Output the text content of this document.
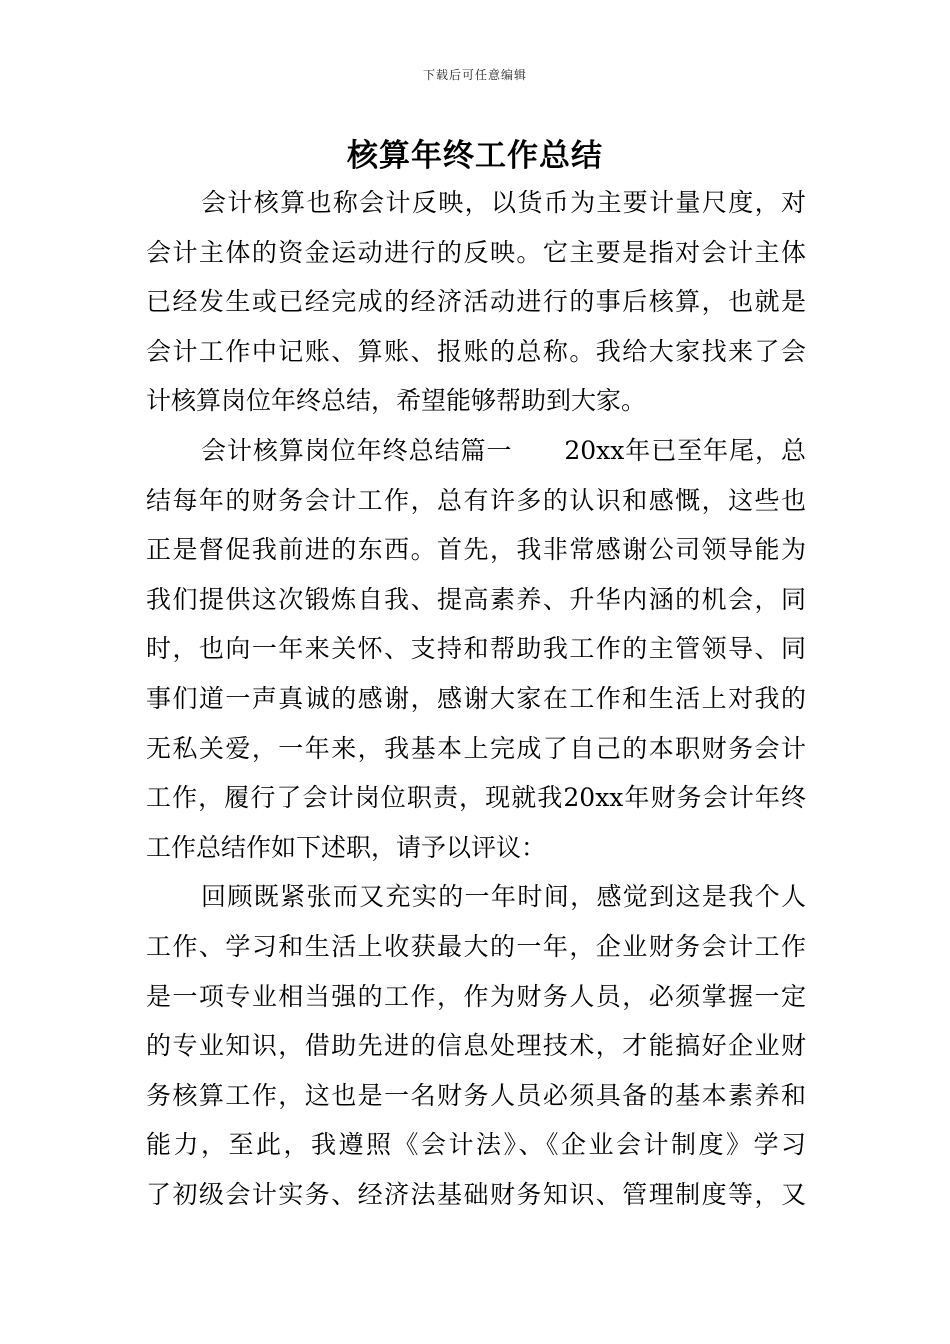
下载后可任意编辑
核算年终工作总结
会计核算也称会计反映，以货币为主要计量尺度，对
会计主体的资金运动进行的反映。它主要是指对会计主体
已经发生或已经完成的经济活动进行的事后核算，也就是
会计工作中记账、算账、报账的总称。我给大家找来了会
计核算岗位年终总结，希望能够帮助到大家。
会计核算岗位年终总结篇一　　20xx年已至年尾，总
结每年的财务会计工作，总有许多的认识和感慨，这些也
正是督促我前进的东西。首先，我非常感谢公司领导能为
我们提供这次锻炼自我、提高素养、升华内涵的机会，同
时，也向一年来关怀、支持和帮助我工作的主管领导、同
事们道一声真诚的感谢，感谢大家在工作和生活上对我的
无私关爱，一年来，我基本上完成了自己的本职财务会计
工作，履行了会计岗位职责，现就我20xx年财务会计年终
工作总结作如下述职，请予以评议：
回顾既紧张而又充实的一年时间，感觉到这是我个人
工作、学习和生活上收获最大的一年，企业财务会计工作
是一项专业相当强的工作，作为财务人员，必须掌握一定
的专业知识，借助先进的信息处理技术，才能搞好企业财
务核算工作，这也是一名财务人员必须具备的基本素养和
能力，至此，我遵照《会计法》、《企业会计制度》学习
了初级会计实务、经济法基础财务知识、管理制度等，又
